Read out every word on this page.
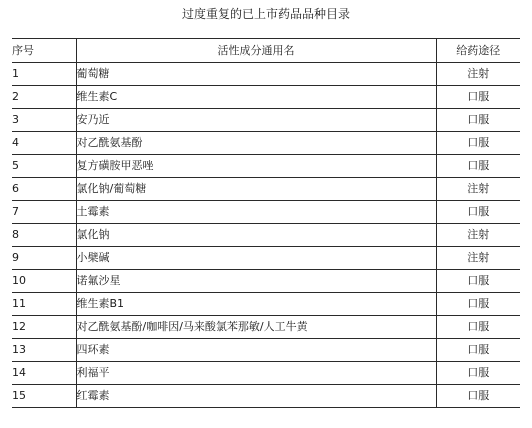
过度重复的已上市药品品种目录
序号	活性成分通用名	给药途径
1	葡萄糖	注射
2	维生素C	口服
3	安乃近	口服
4	对乙酰氨基酚	口服
5	复方磺胺甲恶唑	口服
6	氯化钠/葡萄糖	注射
7	土霉素	口服
8	氯化钠	注射
9	小檗碱	注射
10	诺氟沙星	口服
11	维生素B1	口服
12	对乙酰氨基酚/咖啡因/马来酸氯苯那敏/人工牛黄	口服
13	四环素	口服
14	利福平	口服
15	红霉素	口服
